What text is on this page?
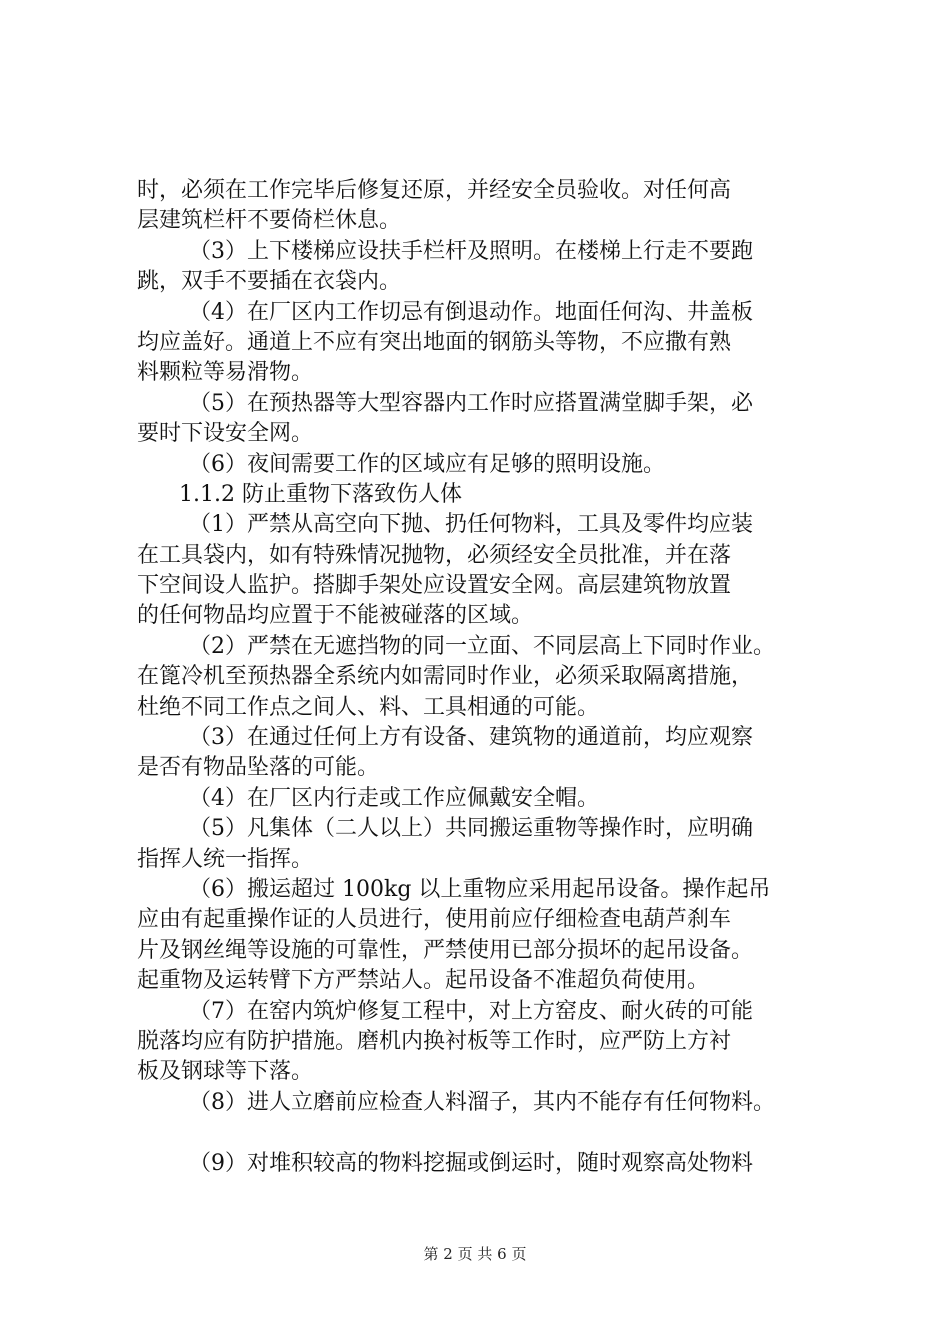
时，必须在工作完毕后修复还原，并经安全员验收。对任何高
层建筑栏杆不要倚栏休息。
（3）上下楼梯应设扶手栏杆及照明。在楼梯上行走不要跑
跳，双手不要插在衣袋内。
（4）在厂区内工作切忌有倒退动作。地面任何沟、井盖板
均应盖好。通道上不应有突出地面的钢筋头等物，不应撒有熟
料颗粒等易滑物。
（5）在预热器等大型容器内工作时应搭置满堂脚手架，必
要时下设安全网。
（6）夜间需要工作的区域应有足够的照明设施。
1.1.2 防止重物下落致伤人体
（1）严禁从高空向下抛、扔任何物料，工具及零件均应装
在工具袋内，如有特殊情况抛物，必须经安全员批准，并在落
下空间设人监护。搭脚手架处应设置安全网。高层建筑物放置
的任何物品均应置于不能被碰落的区域。
（2）严禁在无遮挡物的同一立面、不同层高上下同时作业。
在篦冷机至预热器全系统内如需同时作业，必须采取隔离措施，
杜绝不同工作点之间人、料、工具相通的可能。
（3）在通过任何上方有设备、建筑物的通道前，均应观察
是否有物品坠落的可能。
（4）在厂区内行走或工作应佩戴安全帽。
（5）凡集体（二人以上）共同搬运重物等操作时，应明确
指挥人统一指挥。
（6）搬运超过 100kg 以上重物应采用起吊设备。操作起吊
应由有起重操作证的人员进行，使用前应仔细检查电葫芦刹车
片及钢丝绳等设施的可靠性，严禁使用已部分损坏的起吊设备。
起重物及运转臂下方严禁站人。起吊设备不准超负荷使用。
（7）在窑内筑炉修复工程中，对上方窑皮、耐火砖的可能
脱落均应有防护措施。磨机内换衬板等工作时，应严防上方衬
板及钢球等下落。
（8）进人立磨前应检查人料溜子，其内不能存有任何物料。
（9）对堆积较高的物料挖掘或倒运时，随时观察高处物料
第 2 页 共 6 页
